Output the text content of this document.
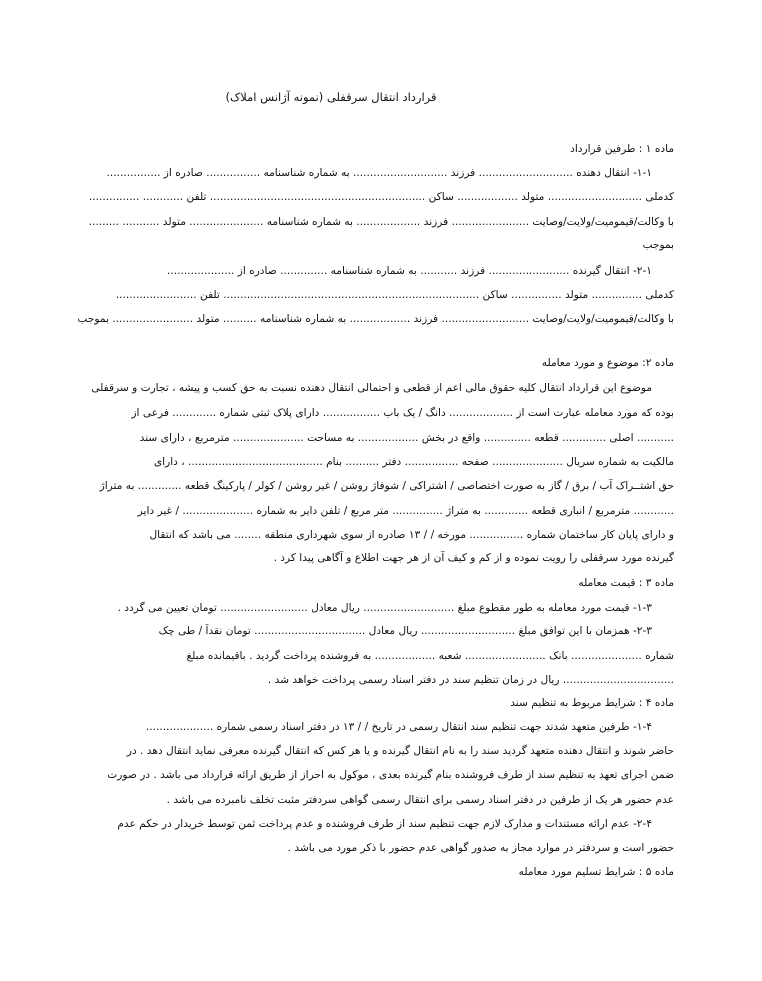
قرارداد انتقال سرقفلی (نمونه آژانس املاک)
ماده ۱ : طرفین قرارداد
۱-۱- انتقال دهنده ............................ فرزند ............................ به شماره شناسنامه ................ صادره از ................
کدملی ............................ متولد .................. ساکن ................................................................ تلفن ............ ...............
با وکالت/قیمومیت/ولایت/وصایت ....................... فرزند ................... به شماره شناسنامه ...................... متولد ........... .........
بموجب
۲-۱- انتقال گیرنده ........................ فرزند ........... به شماره شناسنامه .............. صادره از ....................
کدملی ............... متولد ............... ساکن ............................................................................ تلفن ........................
با وکالت/قیمومیت/ولایت/وصایت .......................... فرزند .................. به شماره شناسنامه .......... متولد ........................ بموجب
ماده ۲: موضوع و مورد معامله
موضوع این قرارداد انتقال کلیه حقوق مالی اعم از قطعی و احتمالی انتقال دهنده نسبت به حق کسب و پیشه ، تجارت و سرقفلی
بوده که مورد معامله عبارت است از ................... دانگ / یک باب ................. دارای پلاک ثبتی شماره ............. فرعی از
........... اصلی ............. قطعه .............. واقع در بخش .................. به مساحت ..................... مترمربع ، دارای سند
مالکیت به شماره سریال ..................... صفحه ................ دفتر .......... بنام ........................................ ، دارای
حق اشتــراک آب / برق / گاز به صورت اختصاصی / اشتراکی / شوفاژ روشن / غیر روشن / کولر / پارکینگ قطعه ............. به متراژ
............ مترمربع / انباری قطعه ............. به متراژ ............... متر مربع / تلفن دایر به شماره ..................... / غیر دایر
و دارای پایان کار ساختمان شماره ................ مورخه / / ۱۳ صادره از سوی شهرداری منطقه ........ می باشد که انتقال
گیرنده مورد سرقفلی را رویت نموده و از کم و کیف آن از هر جهت اطلاع و آگاهی پیدا کرد .
ماده ۳ : قیمت معامله
۱-۳- قیمت مورد معامله به طور مقطوع مبلغ ........................... ریال معادل .......................... تومان تعیین می گردد .
۲-۳- همزمان با این توافق مبلغ ............................ ریال معادل ................................. تومان نقداً / طی چک
شماره ..................... بانک ........................ شعبه .................. به فروشنده پرداخت گردید . باقیمانده مبلغ
................................. ریال در زمان تنظیم سند در دفتر اسناد رسمی پرداخت خواهد شد .
ماده ۴ : شرایط مربوط به تنظیم سند
۱-۴- طرفین متعهد شدند جهت تنظیم سند انتقال رسمی در تاریخ / / ۱۳ در دفتر اسناد رسمی شماره ....................
حاضر شوند و انتقال دهنده متعهد گردید سند را به نام انتقال گیرنده و یا هر کس که انتقال گیرنده معرفی نماید انتقال دهد . در
ضمن اجرای تعهد به تنظیم سند از طرف فروشنده بنام گیرنده بعدی ، موکول به احراز از طریق ارائه قرارداد می باشد . در صورت
عدم حضور هر یک از طرفین در دفتر اسناد رسمی برای انتقال رسمی گواهی سردفتر مثبت تخلف نامبرده می باشد .
۲-۴- عدم ارائه مستندات و مدارک لازم جهت تنظیم سند از طرف فروشنده و عدم پرداخت ثمن توسط خریدار در حکم عدم
حضور است و سردفتر در موارد مجاز به صدور گواهی عدم حضور با ذکر مورد می باشد .
ماده ۵ : شرایط تسلیم مورد معامله
